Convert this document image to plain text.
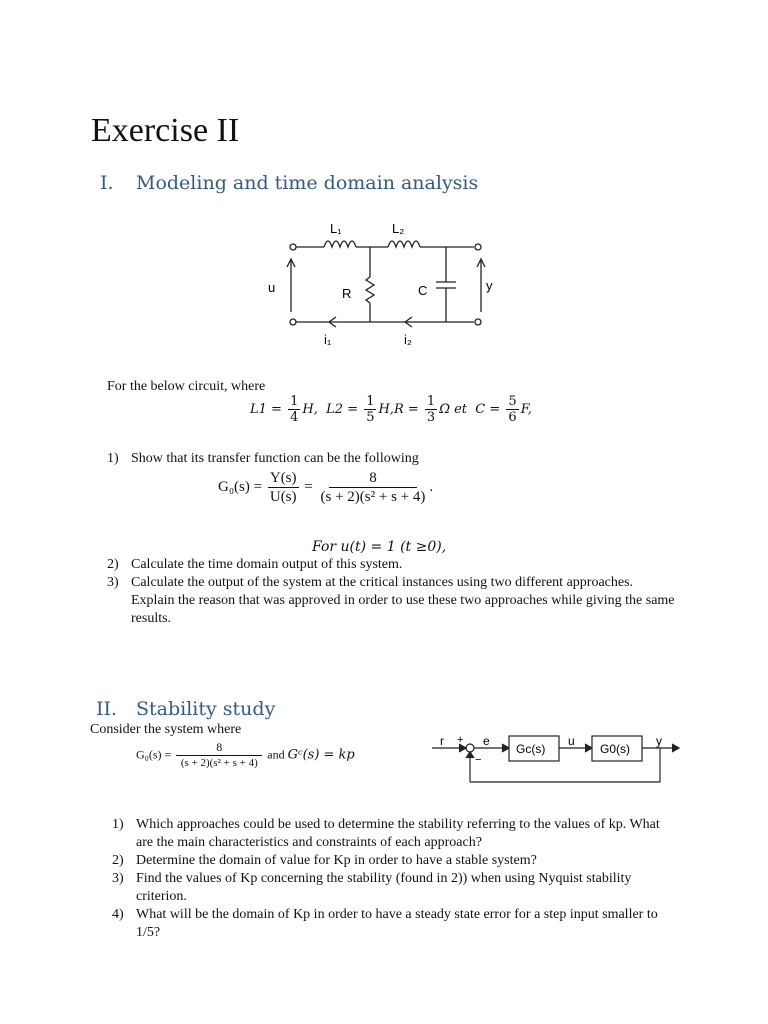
Exercise II
I. Modeling and time domain analysis
L₁	L₂
u	R	C	y
i₁	i₂
For the below circuit, where
$L1 = \frac{1}{4} H$, $L2 = \frac{1}{5} H,R = \frac{1}{3}$ Ω et $C = \frac{5}{6} F$,
1) Show that its transfer function can be the following
$G_0(s) = \frac{Y(s)}{U(s)} = \frac{8}{\text{(s + 2)(s² + s + 4)}}$ .
For u(t) = 1 (t ≥0),
2) Calculate the time domain output of this system.
3) Calculate the output of the system at the critical instances using two different approaches. Explain the reason that was approved in order to use these two approaches while giving the same results.
II. Stability study
Consider the system where
$G_0(s) = \frac{8}{\text{(s + 2)(s² + s + 4)}}$ and Gᶜ(s) = kp
r + e
−
Gc(s)
u
G0(s)
y
1) Which approaches could be used to determine the stability referring to the values of kp. What are the main characteristics and constraints of each approach?
2) Determine the domain of value for Kp in order to have a stable system?
3) Find the values of Kp concerning the stability (found in 2)) when using Nyquist stability criterion.
4) What will be the domain of Kp in order to have a steady state error for a step input smaller to 1/5?
